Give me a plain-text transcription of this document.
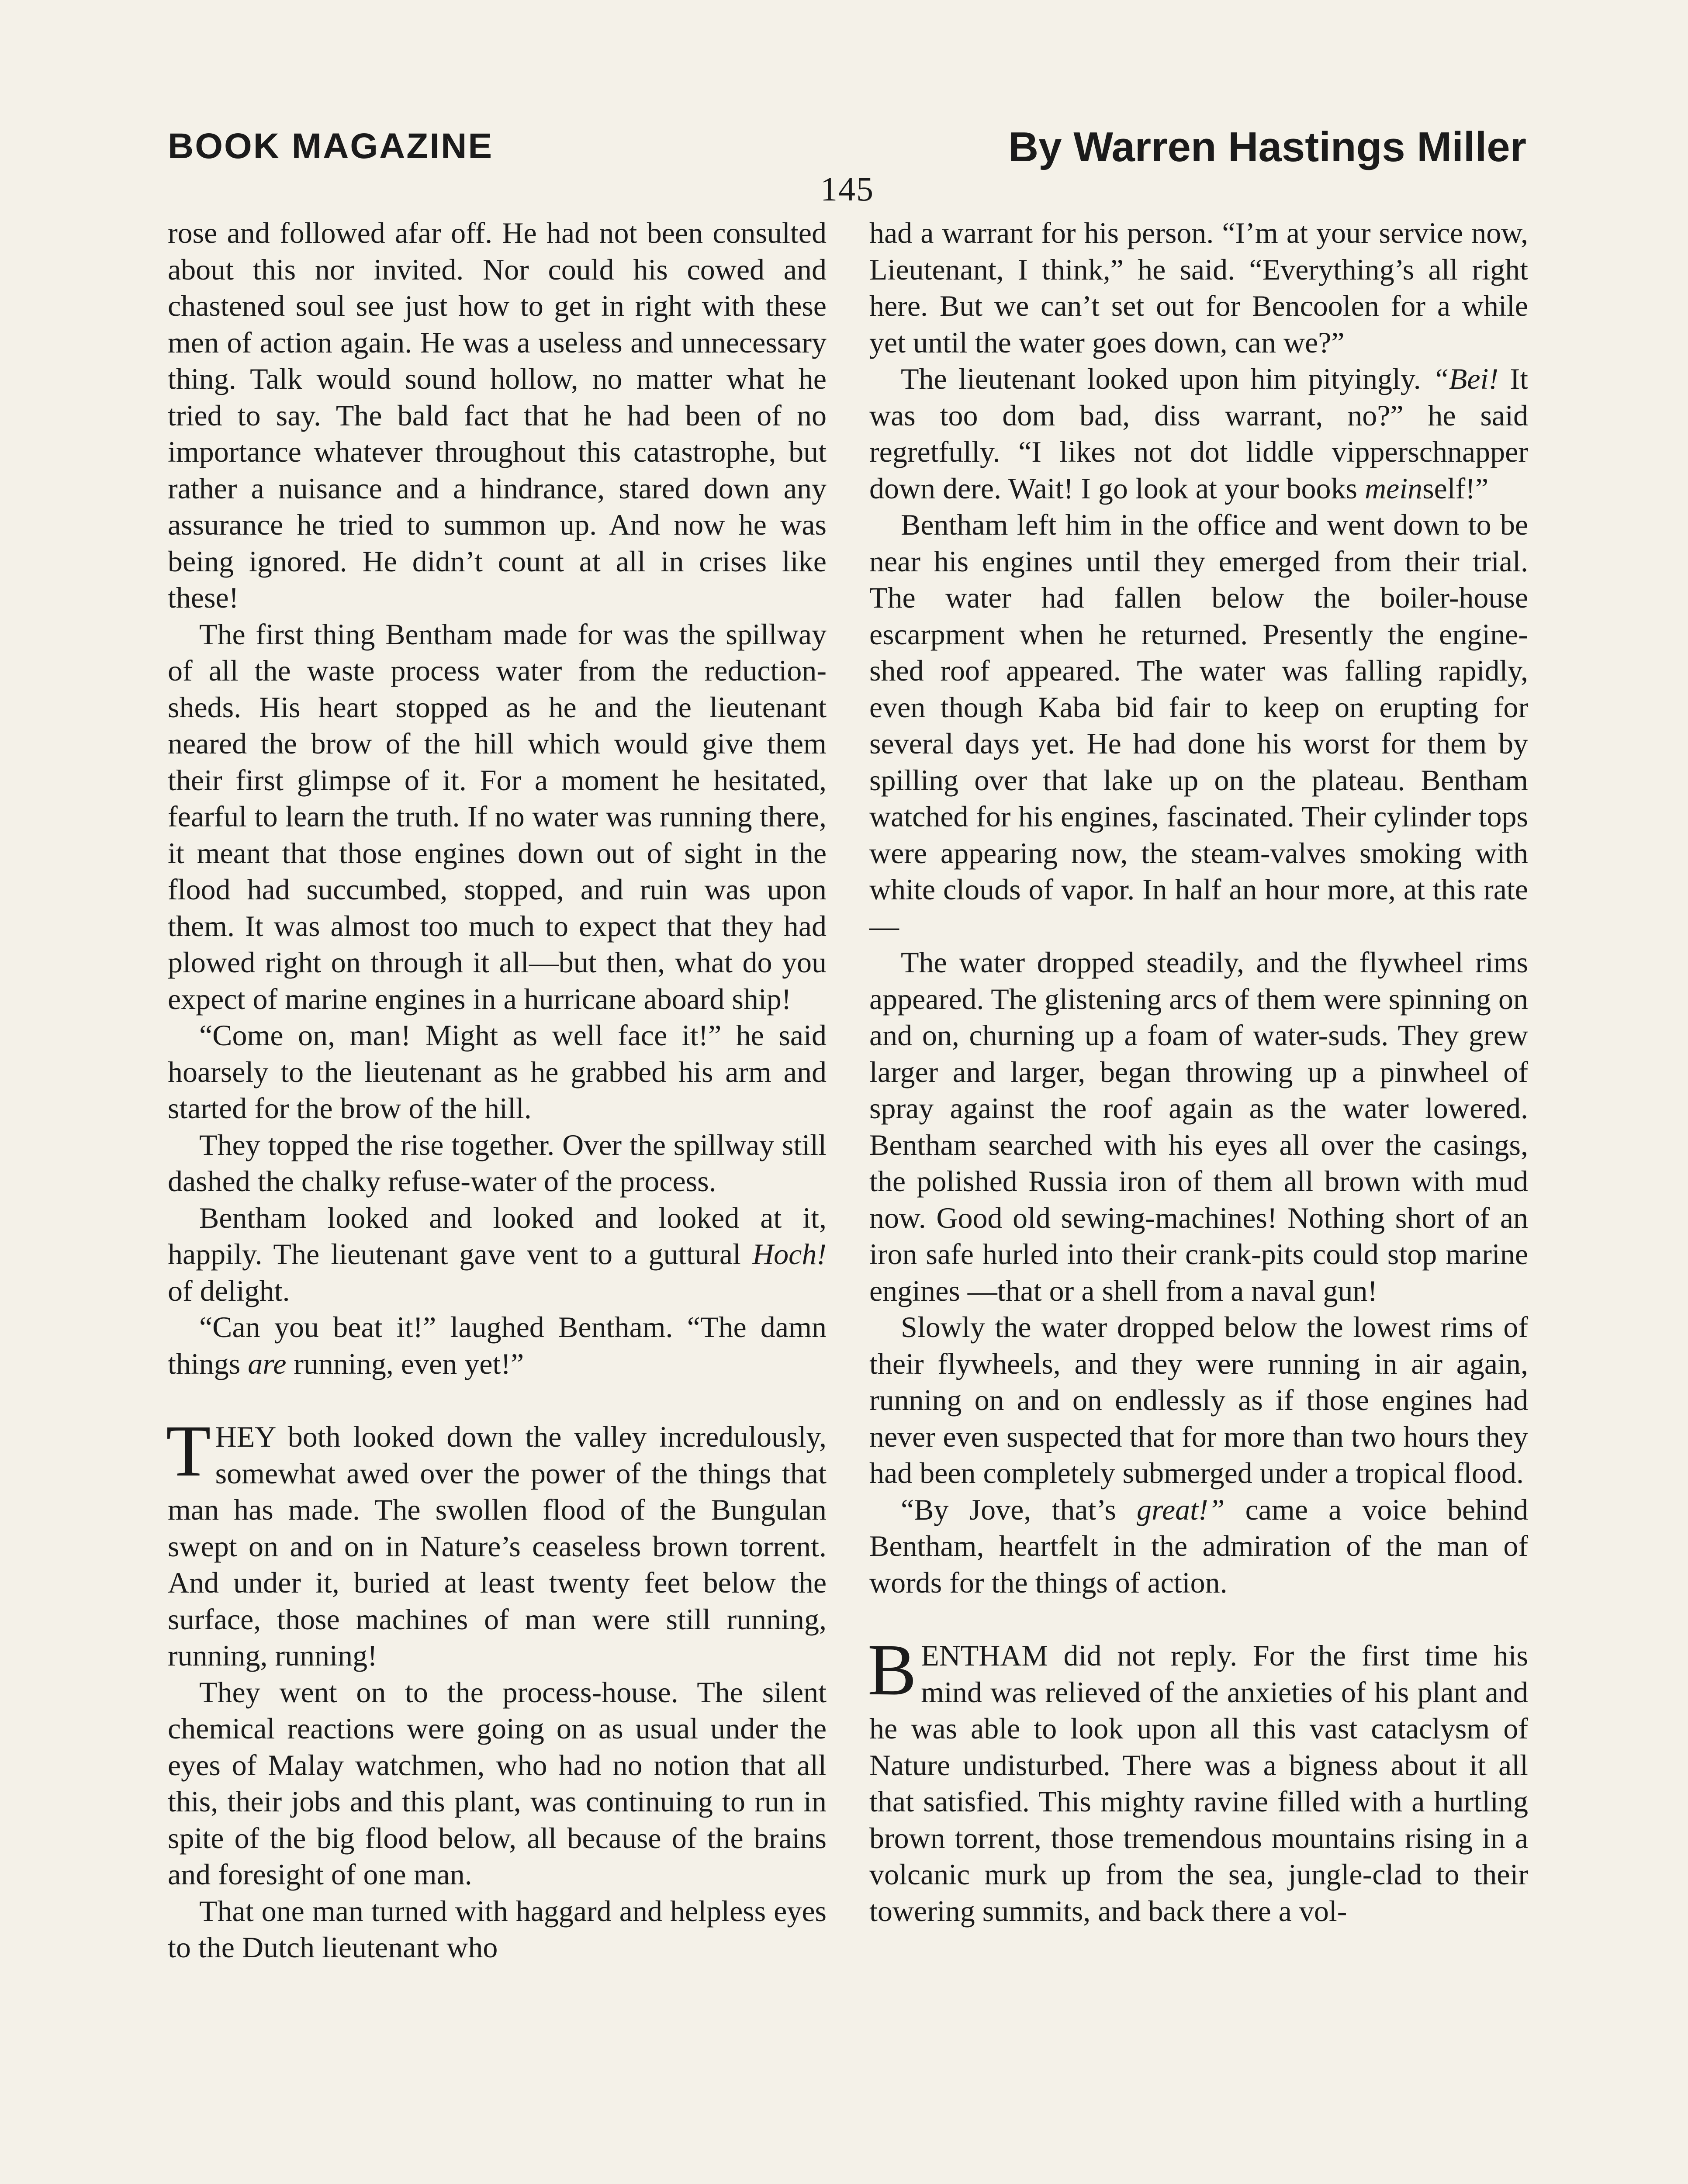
BOOK MAGAZINE	By Warren Hastings Miller
145

rose and followed afar off. He had not been consulted about this nor invited. Nor could his cowed and chastened soul see just how to get in right with these men of action again. He was a useless and unnecessary thing. Talk would sound hollow, no matter what he tried to say. The bald fact that he had been of no importance whatever throughout this catastrophe, but rather a nuisance and a hindrance, stared down any assurance he tried to summon up. And now he was being ignored. He didn’t count at all in crises like these!

The first thing Bentham made for was the spillway of all the waste process water from the reduction-sheds. His heart stopped as he and the lieutenant neared the brow of the hill which would give them their first glimpse of it. For a moment he hesitated, fearful to learn the truth. If no water was running there, it meant that those engines down out of sight in the flood had succumbed, stopped, and ruin was upon them. It was almost too much to expect that they had plowed right on through it all—but then, what do you expect of marine engines in a hurricane aboard ship!

“Come on, man! Might as well face it!” he said hoarsely to the lieutenant as he grabbed his arm and started for the brow of the hill.

They topped the rise together. Over the spillway still dashed the chalky refuse-water of the process.

Bentham looked and looked and looked at it, happily. The lieutenant gave vent to a guttural Hoch! of delight.

“Can you beat it!” laughed Bentham. “The damn things are running, even yet!”

THEY both looked down the valley incredulously, somewhat awed over the power of the things that man has made. The swollen flood of the Bungulan swept on and on in Nature’s ceaseless brown torrent. And under it, buried at least twenty feet below the surface, those machines of man were still running, running, running!

They went on to the process-house. The silent chemical reactions were going on as usual under the eyes of Malay watchmen, who had no notion that all this, their jobs and this plant, was continuing to run in spite of the big flood below, all because of the brains and foresight of one man.

That one man turned with haggard and helpless eyes to the Dutch lieutenant who

had a warrant for his person. “I’m at your service now, Lieutenant, I think,” he said. “Everything’s all right here. But we can’t set out for Bencoolen for a while yet until the water goes down, can we?”

The lieutenant looked upon him pityingly. “Bei! It was too dom bad, diss warrant, no?” he said regretfully. “I likes not dot liddle vipperschnapper down dere. Wait! I go look at your books meinself!”

Bentham left him in the office and went down to be near his engines until they emerged from their trial. The water had fallen below the boiler-house escarpment when he returned. Presently the engine-shed roof appeared. The water was falling rapidly, even though Kaba bid fair to keep on erupting for several days yet. He had done his worst for them by spilling over that lake up on the plateau. Bentham watched for his engines, fascinated. Their cylinder tops were appearing now, the steam-valves smoking with white clouds of vapor. In half an hour more, at this rate—

The water dropped steadily, and the flywheel rims appeared. The glistening arcs of them were spinning on and on, churning up a foam of water-suds. They grew larger and larger, began throwing up a pinwheel of spray against the roof again as the water lowered. Bentham searched with his eyes all over the casings, the polished Russia iron of them all brown with mud now. Good old sewing-machines! Nothing short of an iron safe hurled into their crank-pits could stop marine engines —that or a shell from a naval gun!

Slowly the water dropped below the lowest rims of their flywheels, and they were running in air again, running on and on endlessly as if those engines had never even suspected that for more than two hours they had been completely submerged under a tropical flood.

“By Jove, that’s great!” came a voice behind Bentham, heartfelt in the admiration of the man of words for the things of action.

BENTHAM did not reply. For the first time his mind was relieved of the anxieties of his plant and he was able to look upon all this vast cataclysm of Nature undisturbed. There was a bigness about it all that satisfied. This mighty ravine filled with a hurtling brown torrent, those tremendous mountains rising in a volcanic murk up from the sea, jungle-clad to their towering summits, and back there a vol-
